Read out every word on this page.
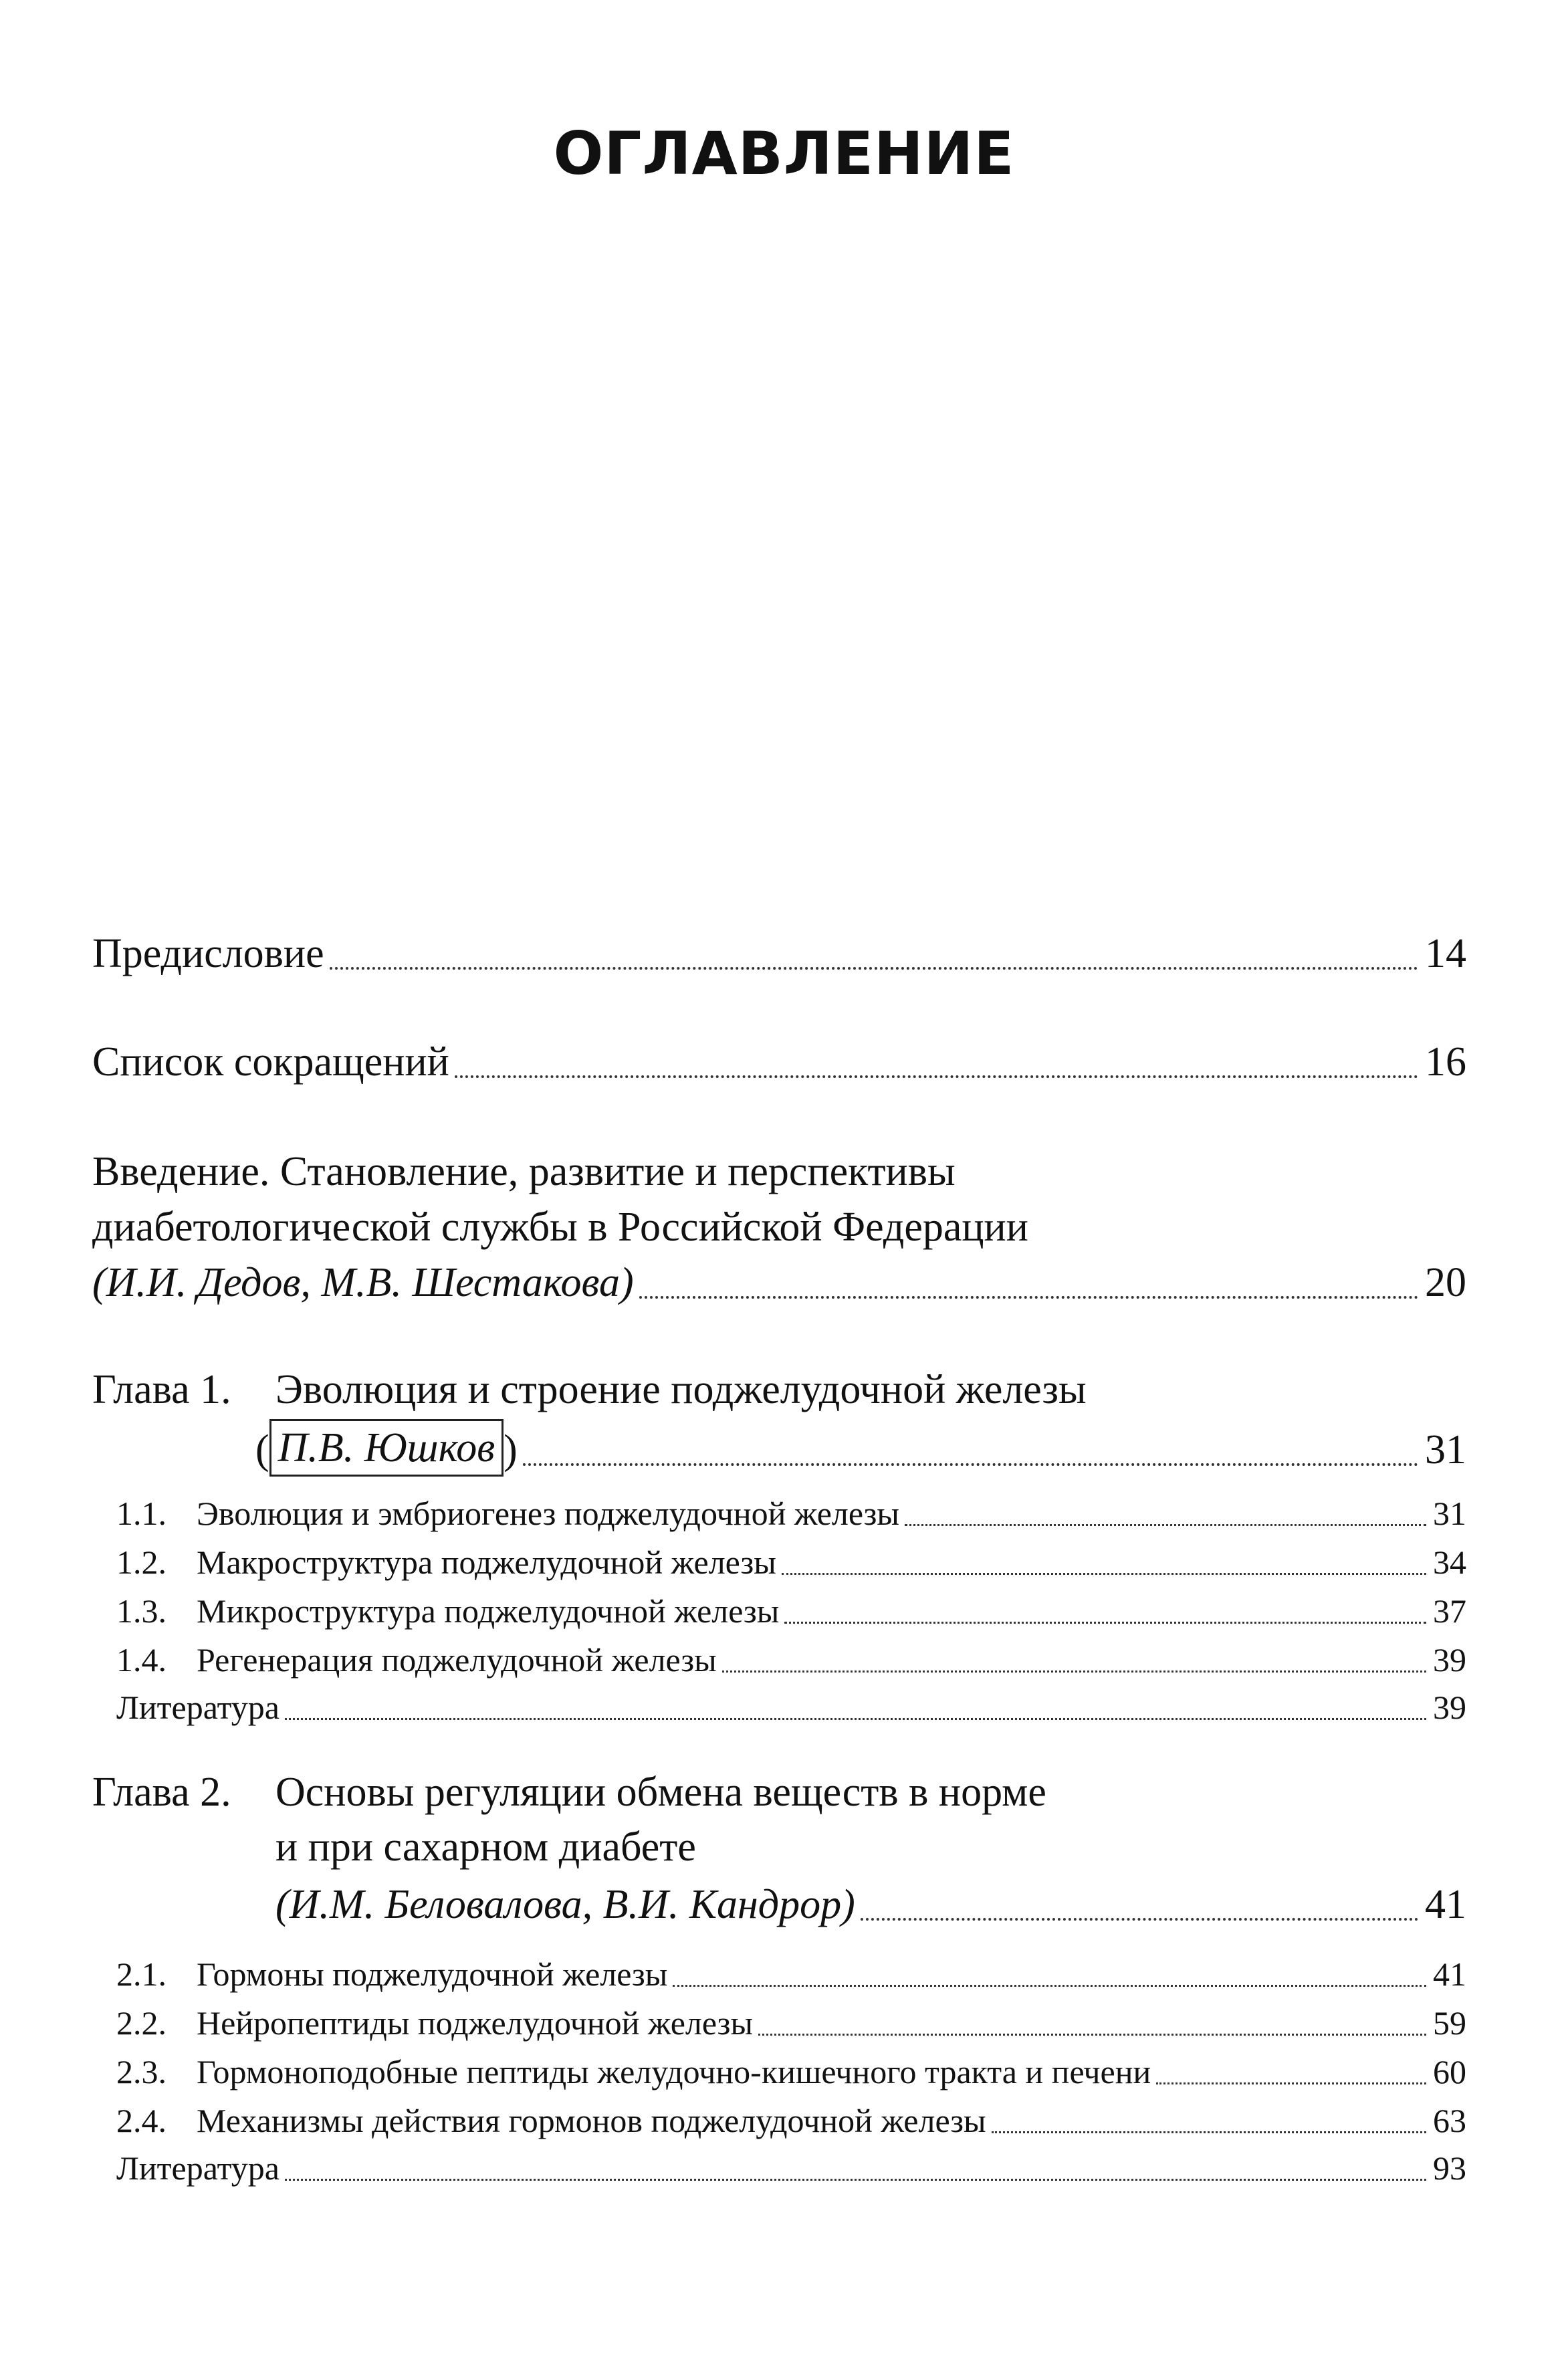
ОГЛАВЛЕНИЕ
Предисловие	14
Список сокращений	16
Введение. Становление, развитие и перспективы
диабетологической службы в Российской Федерации
(И.И. Дедов, М.В. Шестакова)	20
Глава 1. Эволюция и строение поджелудочной железы
( П.В. Юшков )	31
1.1. Эволюция и эмбриогенез поджелудочной железы	31
1.2. Макроструктура поджелудочной железы	34
1.3. Микроструктура поджелудочной железы	37
1.4. Регенерация поджелудочной железы	39
Литература	39
Глава 2. Основы регуляции обмена веществ в норме
и при сахарном диабете
(И.М. Беловалова, В.И. Кандрор)	41
2.1. Гормоны поджелудочной железы	41
2.2. Нейропептиды поджелудочной железы	59
2.3. Гормоноподобные пептиды желудочно-кишечного тракта и печени	60
2.4. Механизмы действия гормонов поджелудочной железы	63
Литература	93
